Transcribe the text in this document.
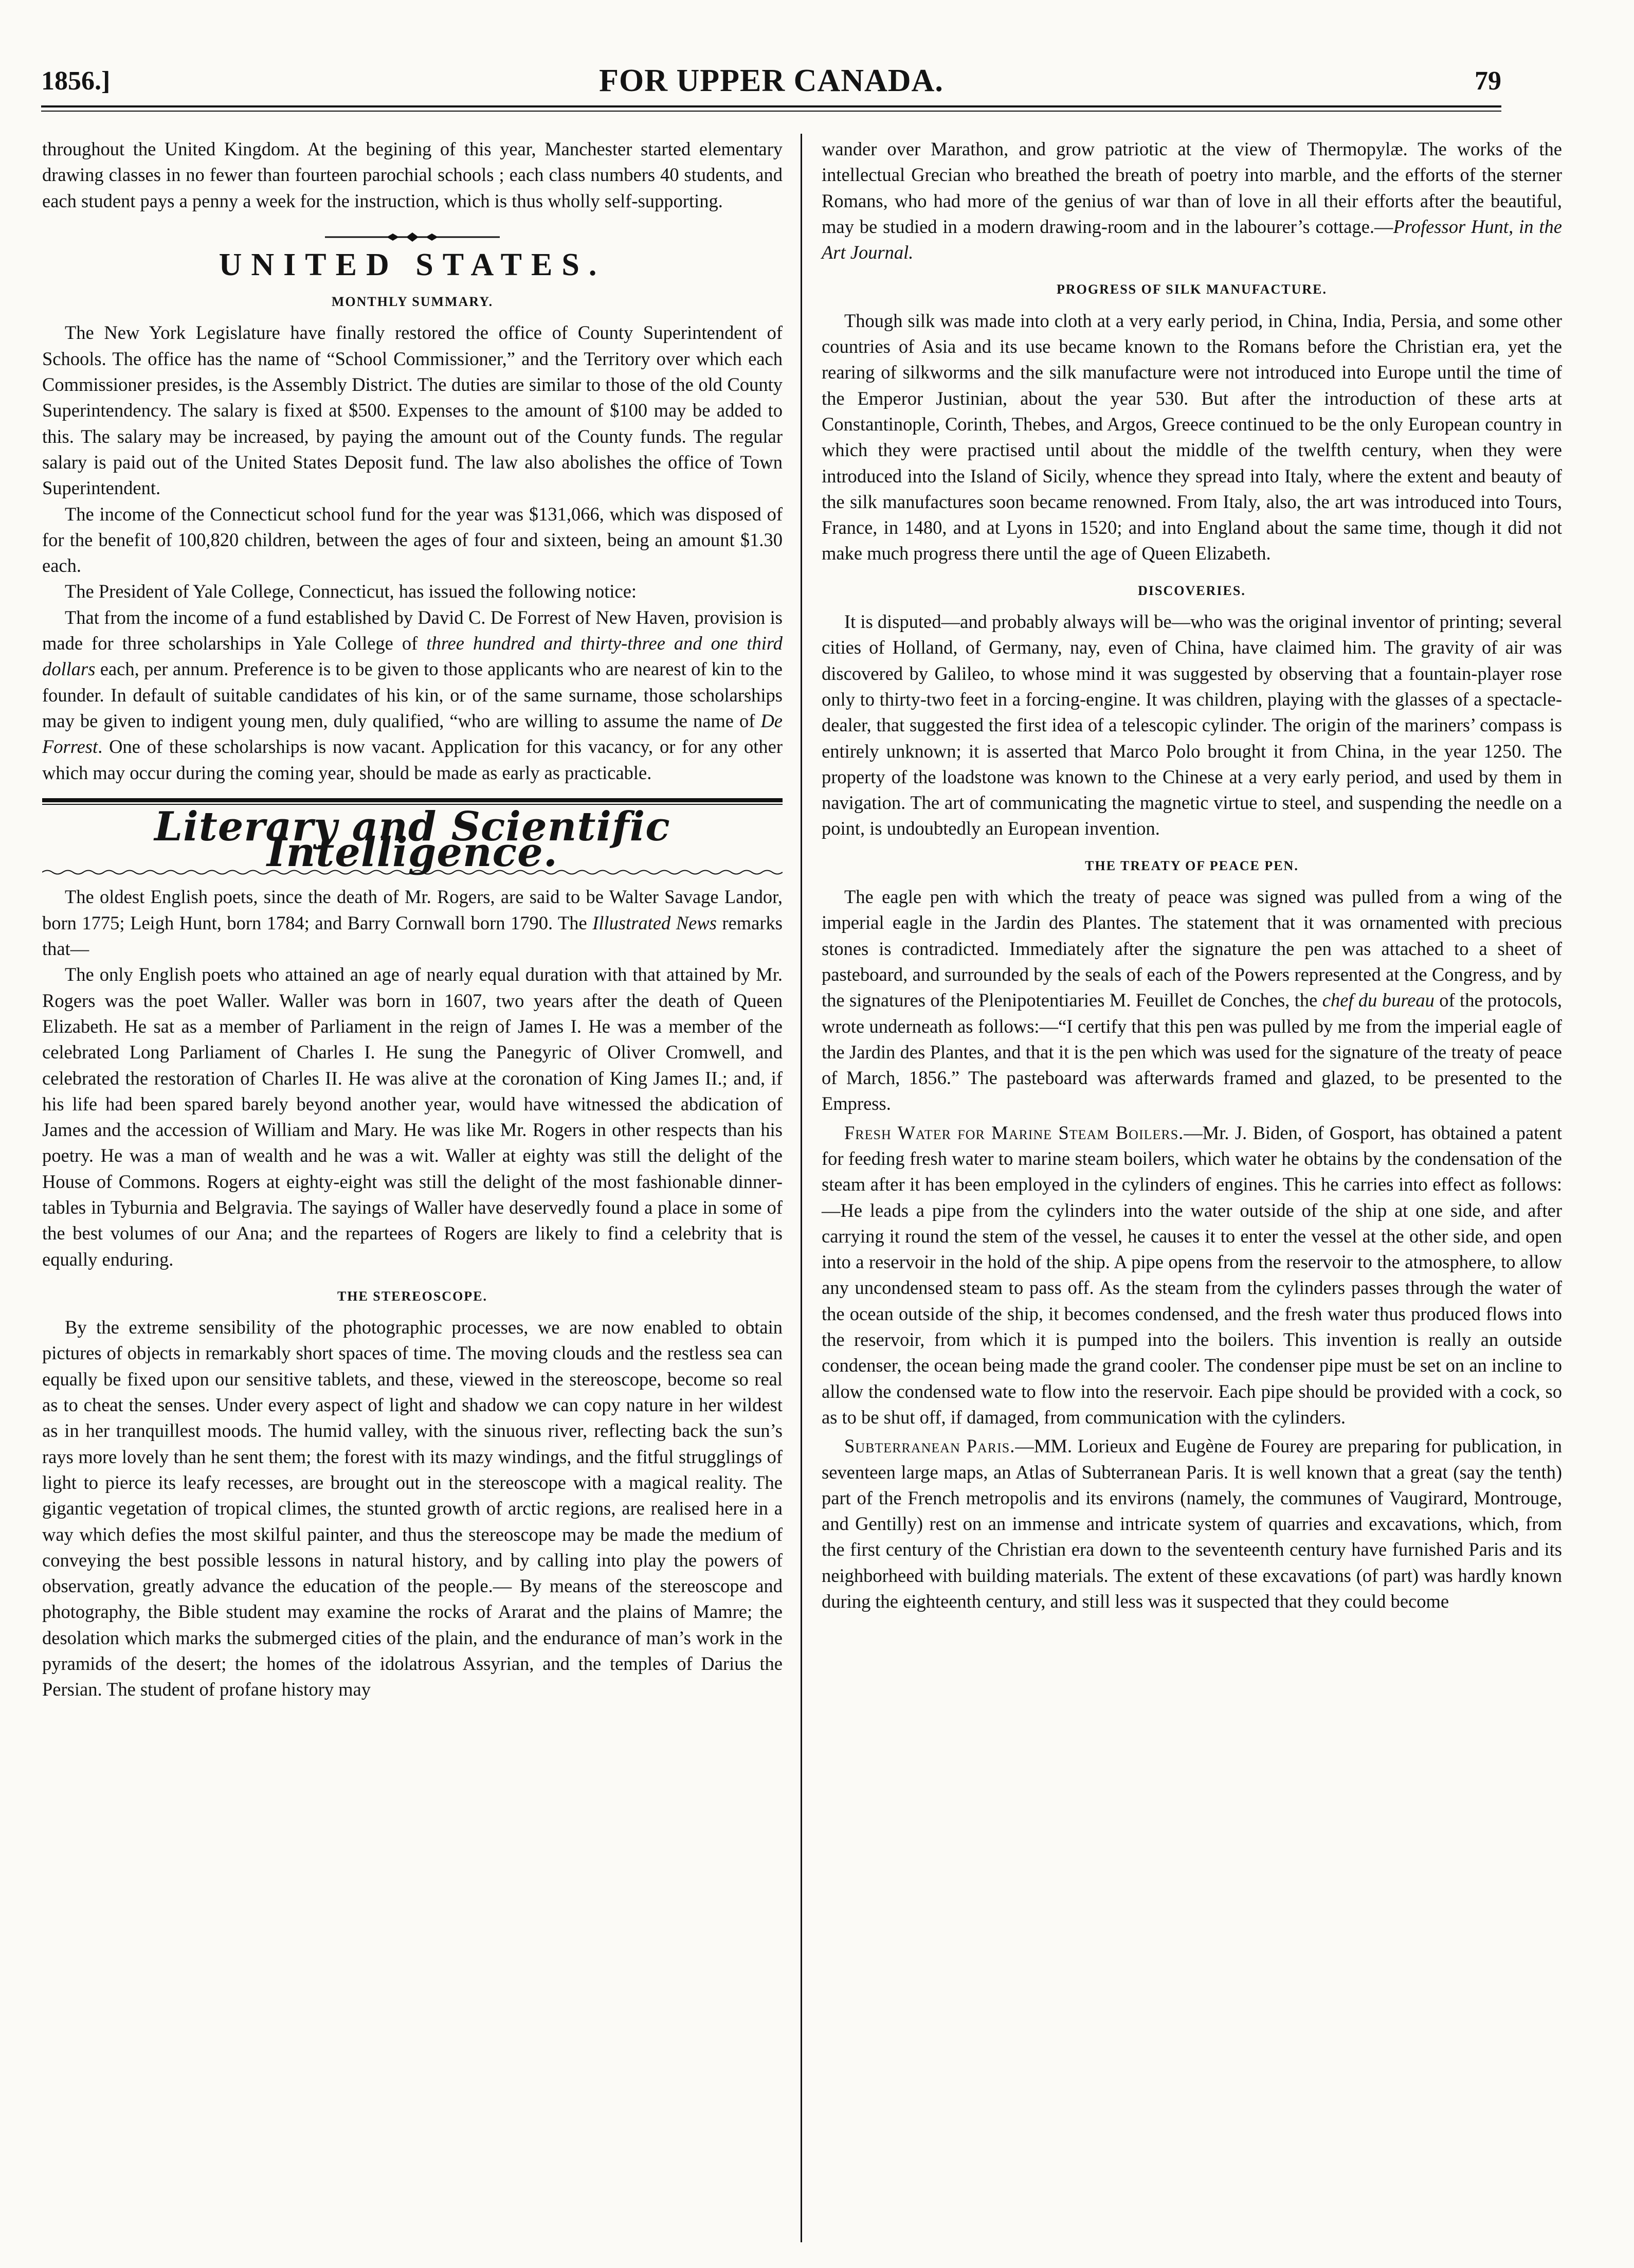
1856.]	FOR UPPER CANADA.	79

throughout the United Kingdom. At the begining of this year, Manchester started elementary drawing classes in no fewer than fourteen parochial schools ; each class numbers 40 students, and each student pays a penny a week for the instruction, which is thus wholly self-supporting.

UNITED STATES.
MONTHLY SUMMARY.

The New York Legislature have finally restored the office of County Superintendent of Schools. The office has the name of “School Commissioner,” and the Territory over which each Commissioner presides, is the Assembly District. The duties are similar to those of the old County Superintendency. The salary is fixed at $500. Expenses to the amount of $100 may be added to this. The salary may be increased, by paying the amount out of the County funds. The regular salary is paid out of the United States Deposit fund. The law also abolishes the office of Town Superintendent.

The income of the Connecticut school fund for the year was $131,066, which was disposed of for the benefit of 100,820 children, between the ages of four and sixteen, being an amount $1.30 each.

The President of Yale College, Connecticut, has issued the following notice:

That from the income of a fund established by David C. De Forrest of New Haven, provision is made for three scholarships in Yale College of three hundred and thirty-three and one third dollars each, per annum. Preference is to be given to those applicants who are nearest of kin to the founder. In default of suitable candidates of his kin, or of the same surname, those scholarships may be given to indigent young men, duly qualified, “who are willing to assume the name of De Forrest. One of these scholarships is now vacant. Application for this vacancy, or for any other which may occur during the coming year, should be made as early as practicable.

Literary and Scientific Intelligence.

The oldest English poets, since the death of Mr. Rogers, are said to be Walter Savage Landor, born 1775; Leigh Hunt, born 1784; and Barry Cornwall born 1790. The Illustrated News remarks that—

The only English poets who attained an age of nearly equal duration with that attained by Mr. Rogers was the poet Waller. Waller was born in 1607, two years after the death of Queen Elizabeth. He sat as a member of Parliament in the reign of James I. He was a member of the celebrated Long Parliament of Charles I. He sung the Panegyric of Oliver Cromwell, and celebrated the restoration of Charles II. He was alive at the coronation of King James II.; and, if his life had been spared barely beyond another year, would have witnessed the abdication of James and the accession of William and Mary. He was like Mr. Rogers in other respects than his poetry. He was a man of wealth and he was a wit. Waller at eighty was still the delight of the House of Commons. Rogers at eighty-eight was still the delight of the most fashionable dinner-tables in Tyburnia and Belgravia. The sayings of Waller have deservedly found a place in some of the best volumes of our Ana; and the repartees of Rogers are likely to find a celebrity that is equally enduring.

THE STEREOSCOPE.

By the extreme sensibility of the photographic processes, we are now enabled to obtain pictures of objects in remarkably short spaces of time. The moving clouds and the restless sea can equally be fixed upon our sensitive tablets, and these, viewed in the stereoscope, become so real as to cheat the senses. Under every aspect of light and shadow we can copy nature in her wildest as in her tranquillest moods. The humid valley, with the sinuous river, reflecting back the sun’s rays more lovely than he sent them; the forest with its mazy windings, and the fitful strugglings of light to pierce its leafy recesses, are brought out in the stereoscope with a magical reality. The gigantic vegetation of tropical climes, the stunted growth of arctic regions, are realised here in a way which defies the most skilful painter, and thus the stereoscope may be made the medium of conveying the best possible lessons in natural history, and by calling into play the powers of observation, greatly advance the education of the people.— By means of the stereoscope and photography, the Bible student may examine the rocks of Ararat and the plains of Mamre; the desolation which marks the submerged cities of the plain, and the endurance of man’s work in the pyramids of the desert; the homes of the idolatrous Assyrian, and the temples of Darius the Persian. The student of profane history may

wander over Marathon, and grow patriotic at the view of Thermopylæ. The works of the intellectual Grecian who breathed the breath of poetry into marble, and the efforts of the sterner Romans, who had more of the genius of war than of love in all their efforts after the beautiful, may be studied in a modern drawing-room and in the labourer’s cottage.—Professor Hunt, in the Art Journal.

PROGRESS OF SILK MANUFACTURE.

Though silk was made into cloth at a very early period, in China, India, Persia, and some other countries of Asia and its use became known to the Romans before the Christian era, yet the rearing of silkworms and the silk manufacture were not introduced into Europe until the time of the Emperor Justinian, about the year 530. But after the introduction of these arts at Constantinople, Corinth, Thebes, and Argos, Greece continued to be the only European country in which they were practised until about the middle of the twelfth century, when they were introduced into the Island of Sicily, whence they spread into Italy, where the extent and beauty of the silk manufactures soon became renowned. From Italy, also, the art was introduced into Tours, France, in 1480, and at Lyons in 1520; and into England about the same time, though it did not make much progress there until the age of Queen Elizabeth.

DISCOVERIES.

It is disputed—and probably always will be—who was the original inventor of printing; several cities of Holland, of Germany, nay, even of China, have claimed him. The gravity of air was discovered by Galileo, to whose mind it was suggested by observing that a fountain-player rose only to thirty-two feet in a forcing-engine. It was children, playing with the glasses of a spectacle-dealer, that suggested the first idea of a telescopic cylinder. The origin of the mariners’ compass is entirely unknown; it is asserted that Marco Polo brought it from China, in the year 1250. The property of the loadstone was known to the Chinese at a very early period, and used by them in navigation. The art of communicating the magnetic virtue to steel, and suspending the needle on a point, is undoubtedly an European invention.

THE TREATY OF PEACE PEN.

The eagle pen with which the treaty of peace was signed was pulled from a wing of the imperial eagle in the Jardin des Plantes. The statement that it was ornamented with precious stones is contradicted. Immediately after the signature the pen was attached to a sheet of pasteboard, and surrounded by the seals of each of the Powers represented at the Congress, and by the signatures of the Plenipotentiaries M. Feuillet de Conches, the chef du bureau of the protocols, wrote underneath as follows:—“I certify that this pen was pulled by me from the imperial eagle of the Jardin des Plantes, and that it is the pen which was used for the signature of the treaty of peace of March, 1856.” The pasteboard was afterwards framed and glazed, to be presented to the Empress.

Fresh Water for Marine Steam Boilers.—Mr. J. Biden, of Gosport, has obtained a patent for feeding fresh water to marine steam boilers, which water he obtains by the condensation of the steam after it has been employed in the cylinders of engines. This he carries into effect as follows:—He leads a pipe from the cylinders into the water outside of the ship at one side, and after carrying it round the stem of the vessel, he causes it to enter the vessel at the other side, and open into a reservoir in the hold of the ship. A pipe opens from the reservoir to the atmosphere, to allow any uncondensed steam to pass off. As the steam from the cylinders passes through the water of the ocean outside of the ship, it becomes condensed, and the fresh water thus produced flows into the reservoir, from which it is pumped into the boilers. This invention is really an outside condenser, the ocean being made the grand cooler. The condenser pipe must be set on an incline to allow the condensed wate to flow into the reservoir. Each pipe should be provided with a cock, so as to be shut off, if damaged, from communication with the cylinders.

Subterranean Paris.—MM. Lorieux and Eugène de Fourey are preparing for publication, in seventeen large maps, an Atlas of Subterranean Paris. It is well known that a great (say the tenth) part of the French metropolis and its environs (namely, the communes of Vaugirard, Montrouge, and Gentilly) rest on an immense and intricate system of quarries and excavations, which, from the first century of the Christian era down to the seventeenth century have furnished Paris and its neighborheed with building materials. The extent of these excavations (of part) was hardly known during the eighteenth century, and still less was it suspected that they could become
